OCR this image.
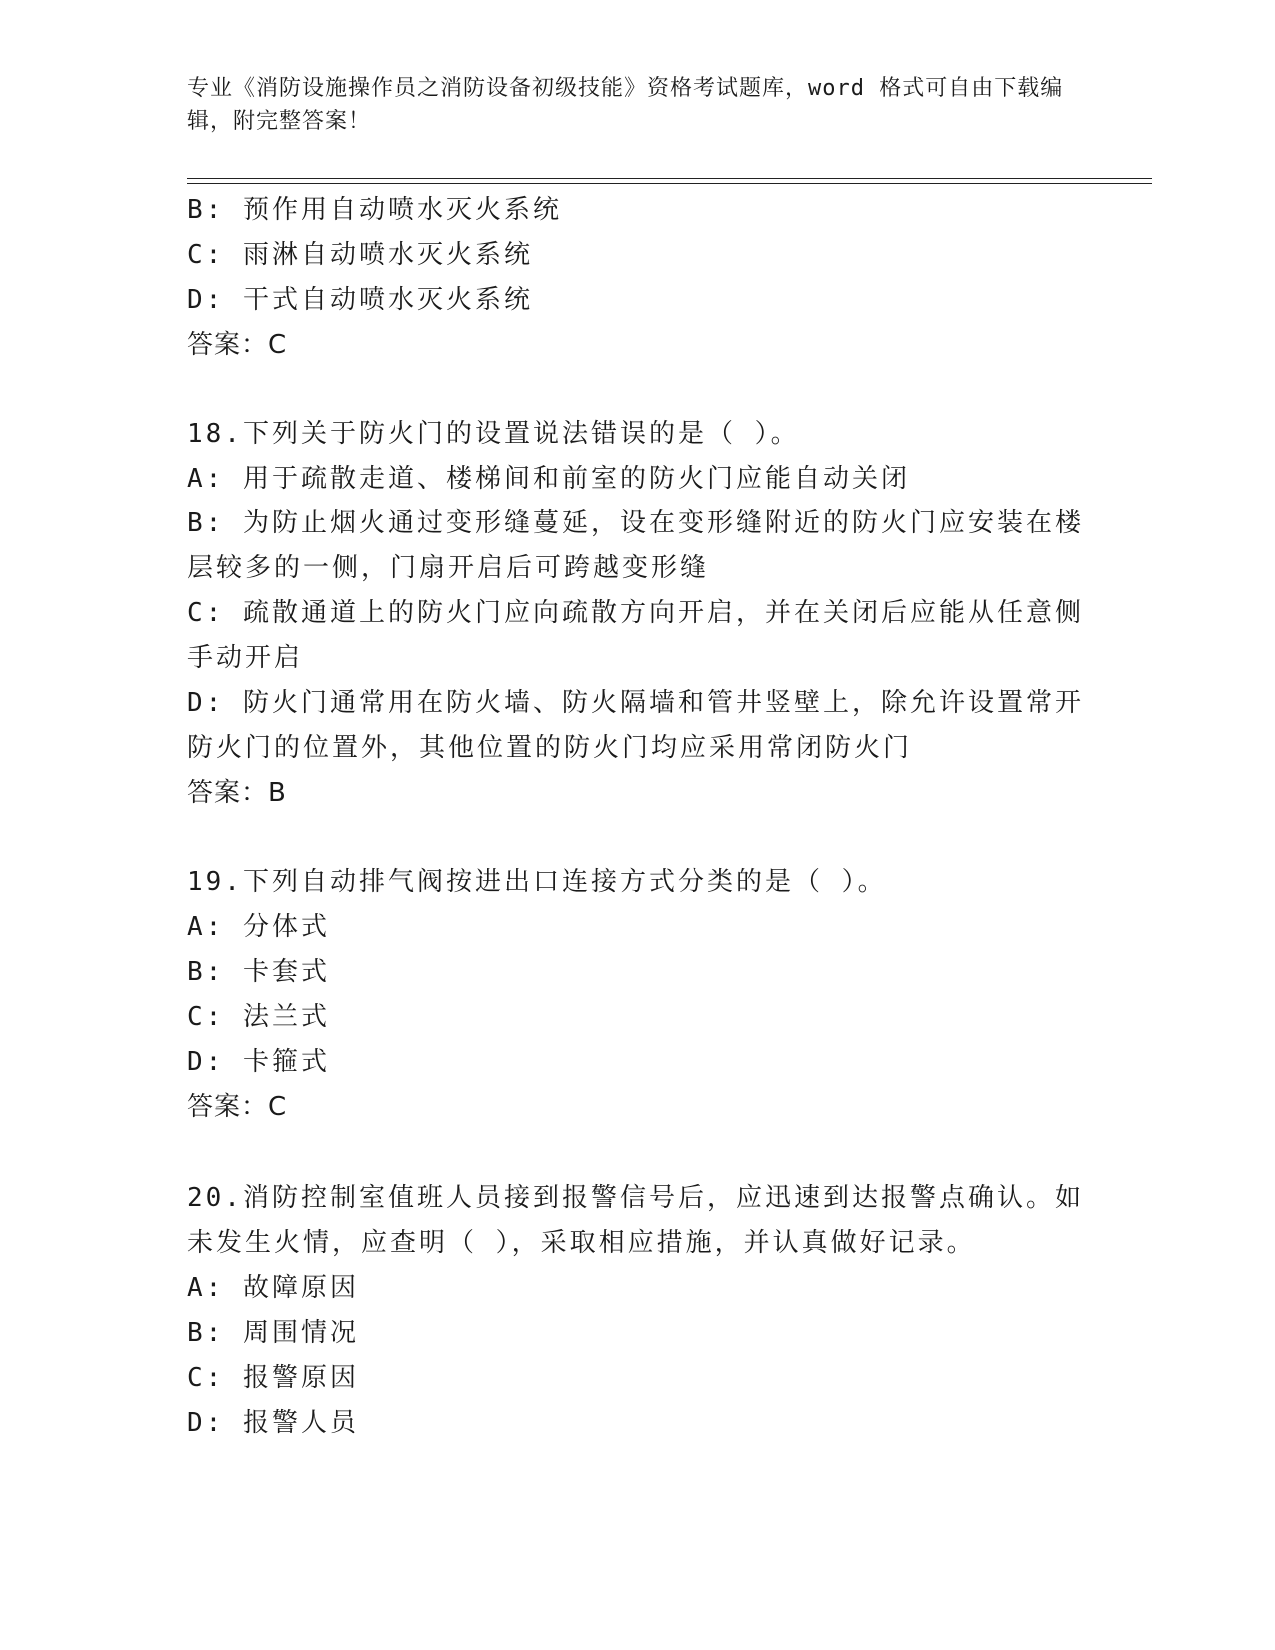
专业《消防设施操作员之消防设备初级技能》资格考试题库，word 格式可自由下载编辑，附完整答案！
B: 预作用自动喷水灭火系统
C: 雨淋自动喷水灭火系统
D: 干式自动喷水灭火系统
答案：C
18.下列关于防火门的设置说法错误的是（ ）。
A: 用于疏散走道、楼梯间和前室的防火门应能自动关闭
B: 为防止烟火通过变形缝蔓延，设在变形缝附近的防火门应安装在楼
层较多的一侧，门扇开启后可跨越变形缝
C: 疏散通道上的防火门应向疏散方向开启，并在关闭后应能从任意侧
手动开启
D: 防火门通常用在防火墙、防火隔墙和管井竖壁上，除允许设置常开
防火门的位置外，其他位置的防火门均应采用常闭防火门
答案：B
19.下列自动排气阀按进出口连接方式分类的是（ ）。
A: 分体式
B: 卡套式
C: 法兰式
D: 卡箍式
答案：C
20.消防控制室值班人员接到报警信号后，应迅速到达报警点确认。如
未发生火情，应查明（ ），采取相应措施，并认真做好记录。
A: 故障原因
B: 周围情况
C: 报警原因
D: 报警人员
